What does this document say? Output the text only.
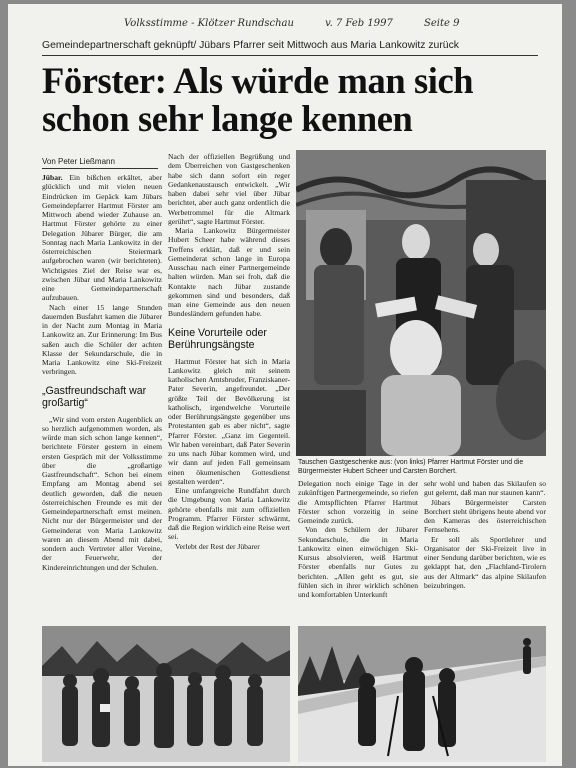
Volksstimme - Klötzer Rundschau	v. 7 Feb 1997	Seite 9
Gemeindepartnerschaft geknüpft/ Jübars Pfarrer seit Mittwoch aus Maria Lankowitz zurück
Förster: Als würde man sich schon sehr lange kennen
Von Peter Ließmann

Jübar. Ein bißchen erkältet, aber glücklich und mit vielen neuen Eindrücken im Gepäck kam Jübars Gemeindepfarrer Hartmut Förster am Mittwoch abend wieder Zuhause an. Hartmut Förster gehörte zu einer Delegation Jübarer Bürger, die am Sonntag nach Maria Lankowitz in der österreichischen Steiermark aufgebrochen waren (wir berichteten). Wichtigstes Ziel der Reise war es, zwischen Jübar und Maria Lankowitz eine Gemeindepartnerschaft aufzubauen.

Nach einer 15 lange Stunden dauernden Busfahrt kamen die Jübarer in der Nacht zum Montag in Maria Lankowitz an. Zur Erinnerung: Im Bus saßen auch die Schüler der achten Klasse der Sekundarschule, die in Maria Lankowitz eine Ski-Freizeit verbringen.

„Gastfreundschaft war großartig“

„Wir sind vom ersten Augenblick an so herzlich aufgenommen worden, als würde man sich schon lange kennen“, berichtete Förster gestern in einem ersten Gespräch mit der Volksstimme über die „großartige Gastfreundschaft“. Schon bei einem Empfang am Montag abend sei deutlich geworden, daß die neuen österreichischen Freunde es mit der Gemeindepartnerschaft ernst meinen. Nicht nur der Bürgermeister und der Gemeinderat von Maria Lankowitz waren an diesem Abend mit dabei, sondern auch Vertreter aller Vereine, der Feuerwehr, der Kindereinrichtungen und der Schulen.

Nach der offiziellen Begrüßung und dem Überreichen von Gastgeschenken habe sich dann sofort ein reger Gedankenaustausch entwickelt. „Wir haben dabei sehr viel über Jübar berichtet, aber auch ganz ordentlich die Werbetrommel für die Altmark gerührt“, sagte Hartmut Förster.

Maria Lankowitz Bürgermeister Hubert Scheer habe während dieses Treffens erklärt, daß er und sein Gemeinderat schon lange in Europa Ausschau nach einer Partnergemeinde halten würden. Man sei froh, daß die Kontakte nach Jübar zustande gekommen sind und besonders, daß man eine Gemeinde aus den neuen Bundesländern gefunden habe.

Keine Vorurteile oder Berührungsängste

Hartmut Förster hat sich in Maria Lankowitz gleich mit seinem katholischen Amtsbruder, Franziskaner-Pater Severin, angefreundet. „Der größte Teil der Bevölkerung ist katholisch, irgendwelche Vorurteile oder Berührungsängste gegenüber uns Protestanten gab es aber nicht“, sagte Pfarrer Förster. „Ganz im Gegenteil. Wir haben vereinbart, daß Pater Severin zu uns nach Jübar kommen wird, und wir dann auf jeden Fall gemeinsam einen ökumenischen Gottesdienst gestalten werden“.

Eine umfangreiche Rundfahrt durch die Umgebung von Maria Lankowitz gehörte ebenfalls mit zum offiziellen Programm. Pfarrer Förster schwärmt, daß die Region wirklich eine Reise wert sei.

Verlebt der Rest der Jübarer

Tauschen Gastgeschenke aus: (von links) Pfarrer Hartmut Förster und die Bürgermeister Hubert Scheer und Carsten Borchert.

Delegation noch einige Tage in der zukünftigen Partnergemeinde, so riefen die Amtspflichten Pfarrer Hartmut Förster schon vorzeitig in seine Gemeinde zurück.

Von den Schülern der Jübarer Sekundarschule, die in Maria Lankowitz einen einwöchigen Ski-Kursus absolvieren, weiß Hartmut Förster ebenfalls nur Gutes zu berichten. „Allen geht es gut, sie fühlen sich in ihrer wirklich schönen und komfortablen Unterkunft

sehr wohl und haben das Skilaufen so gut gelernt, daß man nur staunen kann“.

Jübars Bürgermeister Carsten Borchert steht übrigens heute abend vor den Kameras des österreichischen Fernsehens.

Er soll als Sportlehrer und Organisator der Ski-Freizeit live in einer Sendung darüber berichten, wie es geklappt hat, den „Flachland-Tirolern aus der Altmark“ das alpine Skilaufen beizubringen.
